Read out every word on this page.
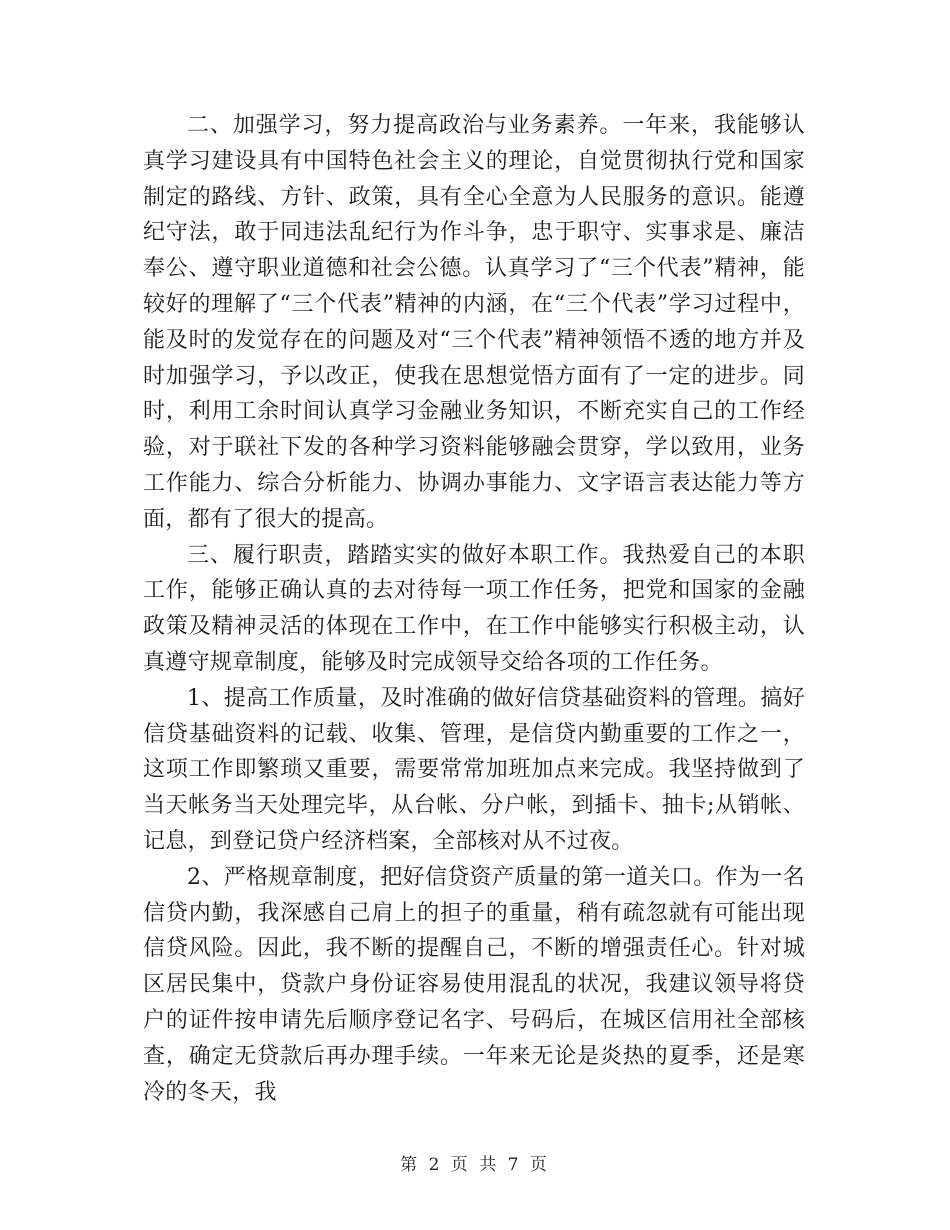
二、加强学习，努力提高政治与业务素养。一年来，我能够认真学习建设具有中国特色社会主义的理论，自觉贯彻执行党和国家制定的路线、方针、政策，具有全心全意为人民服务的意识。能遵纪守法，敢于同违法乱纪行为作斗争，忠于职守、实事求是、廉洁奉公、遵守职业道德和社会公德。认真学习了“三个代表”精神，能较好的理解了“三个代表”精神的内涵，在“三个代表”学习过程中，能及时的发觉存在的问题及对“三个代表”精神领悟不透的地方并及时加强学习，予以改正，使我在思想觉悟方面有了一定的进步。同时，利用工余时间认真学习金融业务知识，不断充实自己的工作经验，对于联社下发的各种学习资料能够融会贯穿，学以致用，业务工作能力、综合分析能力、协调办事能力、文字语言表达能力等方面，都有了很大的提高。

三、履行职责，踏踏实实的做好本职工作。我热爱自己的本职工作，能够正确认真的去对待每一项工作任务，把党和国家的金融政策及精神灵活的体现在工作中，在工作中能够实行积极主动，认真遵守规章制度，能够及时完成领导交给各项的工作任务。

1、提高工作质量，及时准确的做好信贷基础资料的管理。搞好信贷基础资料的记载、收集、管理，是信贷内勤重要的工作之一，这项工作即繁琐又重要，需要常常加班加点来完成。我坚持做到了当天帐务当天处理完毕，从台帐、分户帐，到插卡、抽卡;从销帐、记息，到登记贷户经济档案，全部核对从不过夜。

2、严格规章制度，把好信贷资产质量的第一道关口。作为一名信贷内勤，我深感自己肩上的担子的重量，稍有疏忽就有可能出现信贷风险。因此，我不断的提醒自己，不断的增强责任心。针对城区居民集中，贷款户身份证容易使用混乱的状况，我建议领导将贷户的证件按申请先后顺序登记名字、号码后，在城区信用社全部核查，确定无贷款后再办理手续。一年来无论是炎热的夏季，还是寒冷的冬天，我

第 2 页 共 7 页
